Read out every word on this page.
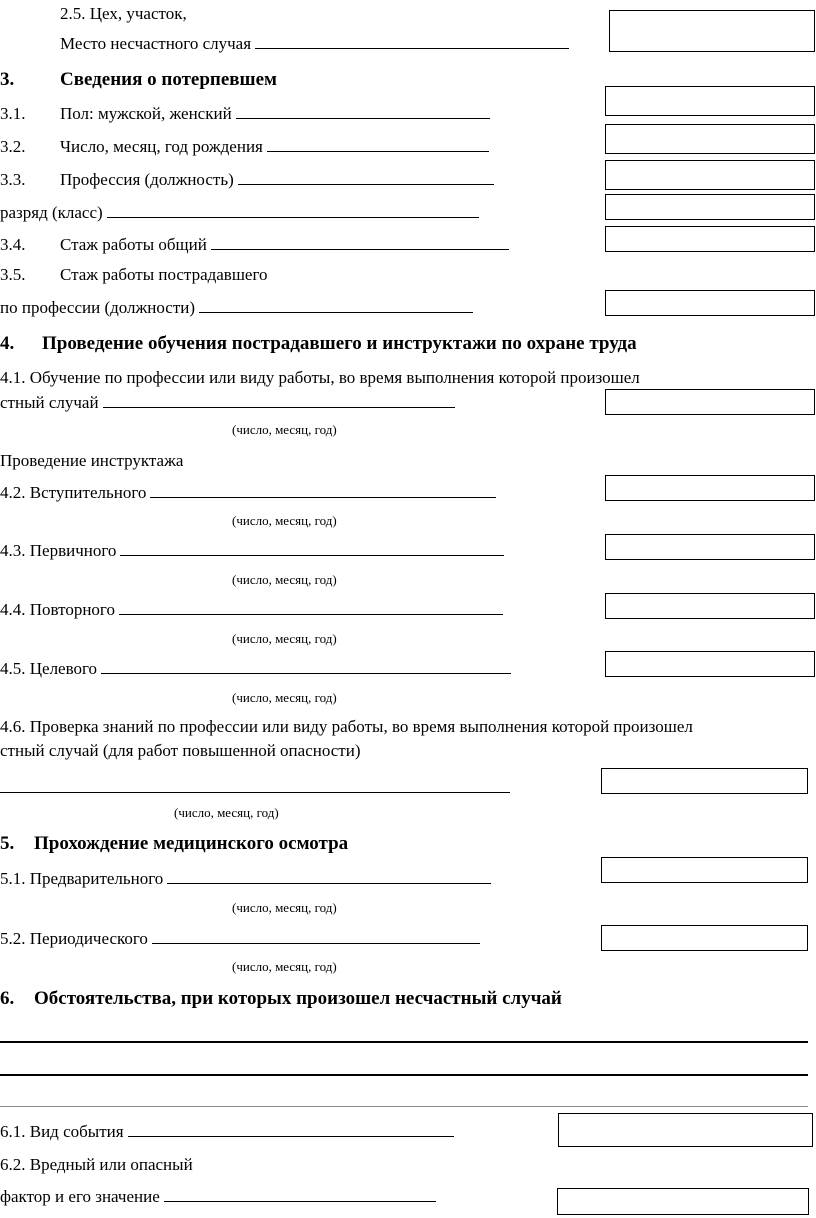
2.5. Цех, участок,
Место несчастного случая
3. Сведения о потерпевшем
3.1. Пол: мужской, женский
3.2. Число, месяц, год рождения
3.3. Профессия (должность)
разряд (класс)
3.4. Стаж работы общий
3.5. Стаж работы пострадавшего
по профессии (должности)
4. Проведение обучения пострадавшего и инструктажи по охране труда
4.1. Обучение по профессии или виду работы, во время выполнения которой произошел
стный случай
(число, месяц, год)
Проведение инструктажа
4.2. Вступительного
(число, месяц, год)
4.3. Первичного
(число, месяц, год)
4.4. Повторного
(число, месяц, год)
4.5. Целевого
(число, месяц, год)
4.6. Проверка знаний по профессии или виду работы, во время выполнения которой произошел
стный случай (для работ повышенной опасности)
(число, месяц, год)
5. Прохождение медицинского осмотра
5.1. Предварительного
(число, месяц, год)
5.2. Периодического
(число, месяц, год)
6. Обстоятельства, при которых произошел несчастный случай
6.1. Вид события
6.2. Вредный или опасный
фактор и его значение
